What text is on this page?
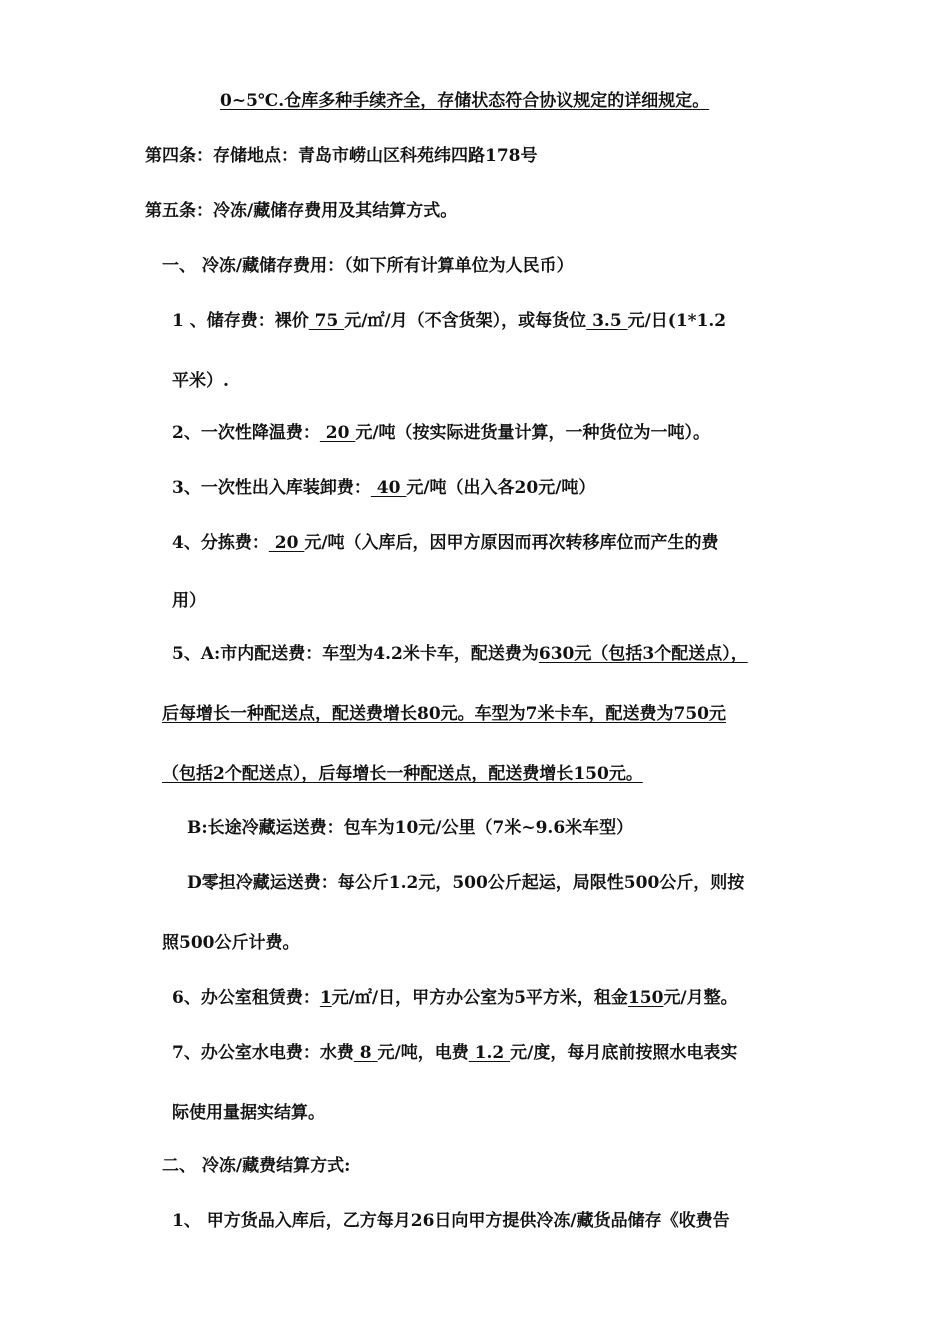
0~5℃.仓库多种手续齐全，存储状态符合协议规定的详细规定。
第四条：存储地点：青岛市崂山区科苑纬四路178号
第五条：冷冻/藏储存费用及其结算方式。
一、 冷冻/藏储存费用：（如下所有计算单位为人民币）
1 、储存费：裸价 75 元/㎡/月（不含货架），或每货位 3.5 元/日(1*1.2
平米）.
2、一次性降温费： 20 元/吨（按实际进货量计算，一种货位为一吨）。
3、一次性出入库装卸费： 40 元/吨（出入各20元/吨）
4、分拣费： 20 元/吨（入库后，因甲方原因而再次转移库位而产生的费
用）
5、A:市内配送费：车型为4.2米卡车，配送费为630元（包括3个配送点），
后每增长一种配送点，配送费增长80元。车型为7米卡车，配送费为750元
（包括2个配送点），后每增长一种配送点，配送费增长150元。
B:长途冷藏运送费：包车为10元/公里（7米~9.6米车型）
D零担冷藏运送费：每公斤1.2元，500公斤起运，局限性500公斤，则按
照500公斤计费。
6、办公室租赁费：1元/㎡/日，甲方办公室为5平方米，租金150元/月整。
7、办公室水电费：水费 8 元/吨，电费 1.2 元/度，每月底前按照水电表实
际使用量据实结算。
二、 冷冻/藏费结算方式:
1、 甲方货品入库后，乙方每月26日向甲方提供冷冻/藏货品储存《收费告
